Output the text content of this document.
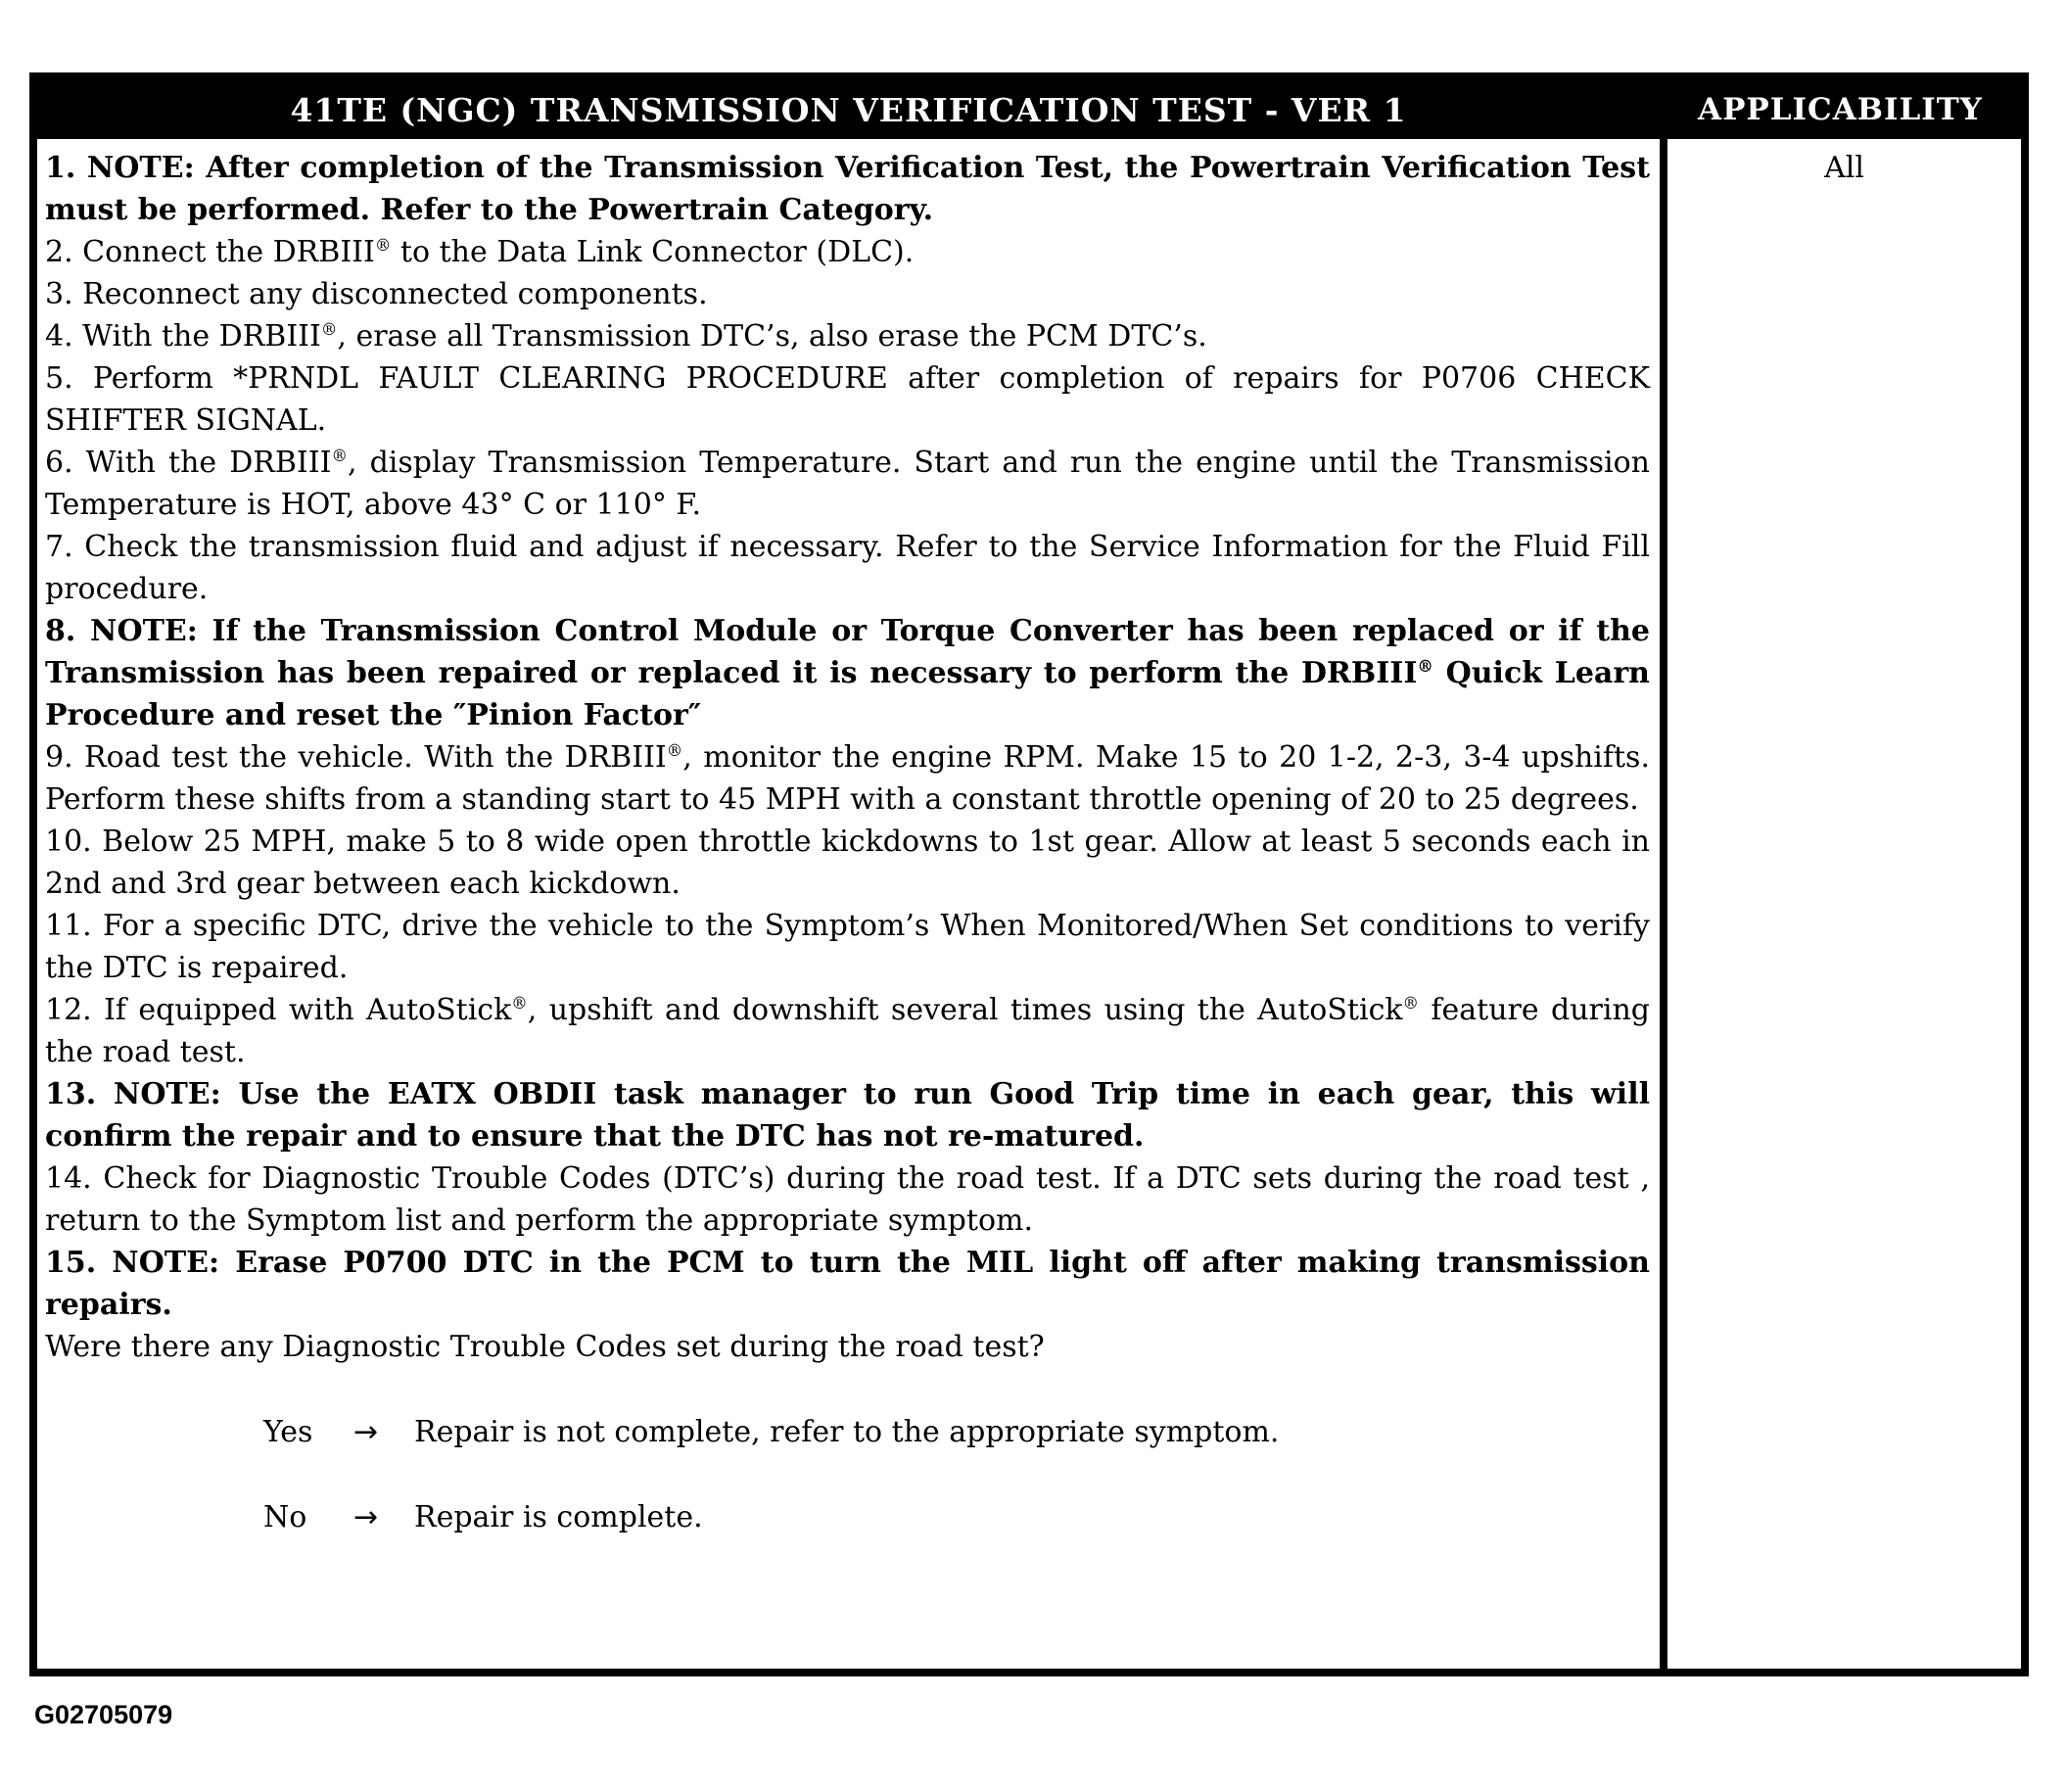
41TE (NGC) TRANSMISSION VERIFICATION TEST - VER 1	APPLICABILITY

1. NOTE: After completion of the Transmission Verification Test, the Powertrain Verification Test must be performed. Refer to the Powertrain Category.

2. Connect the DRBIII® to the Data Link Connector (DLC).

3. Reconnect any disconnected components.

4. With the DRBIII®, erase all Transmission DTC’s, also erase the PCM DTC’s.

5. Perform *PRNDL FAULT CLEARING PROCEDURE after completion of repairs for P0706 CHECK SHIFTER SIGNAL.

6. With the DRBIII®, display Transmission Temperature. Start and run the engine until the Transmission Temperature is HOT, above 43° C or 110° F.

7. Check the transmission fluid and adjust if necessary. Refer to the Service Information for the Fluid Fill procedure.

8. NOTE: If the Transmission Control Module or Torque Converter has been replaced or if the Transmission has been repaired or replaced it is necessary to perform the DRBIII® Quick Learn Procedure and reset the ″Pinion Factor″

9. Road test the vehicle. With the DRBIII®, monitor the engine RPM. Make 15 to 20 1-2, 2-3, 3-4 upshifts. Perform these shifts from a standing start to 45 MPH with a constant throttle opening of 20 to 25 degrees.

10. Below 25 MPH, make 5 to 8 wide open throttle kickdowns to 1st gear. Allow at least 5 seconds each in 2nd and 3rd gear between each kickdown.

11. For a specific DTC, drive the vehicle to the Symptom’s When Monitored/When Set conditions to verify the DTC is repaired.

12. If equipped with AutoStick®, upshift and downshift several times using the AutoStick® feature during the road test.

13. NOTE: Use the EATX OBDII task manager to run Good Trip time in each gear, this will confirm the repair and to ensure that the DTC has not re-matured.

14. Check for Diagnostic Trouble Codes (DTC’s) during the road test. If a DTC sets during the road test , return to the Symptom list and perform the appropriate symptom.

15. NOTE: Erase P0700 DTC in the PCM to turn the MIL light off after making transmission repairs.

Were there any Diagnostic Trouble Codes set during the road test?

Yes	→	Repair is not complete, refer to the appropriate symptom.
No	→	Repair is complete.
All
G02705079
